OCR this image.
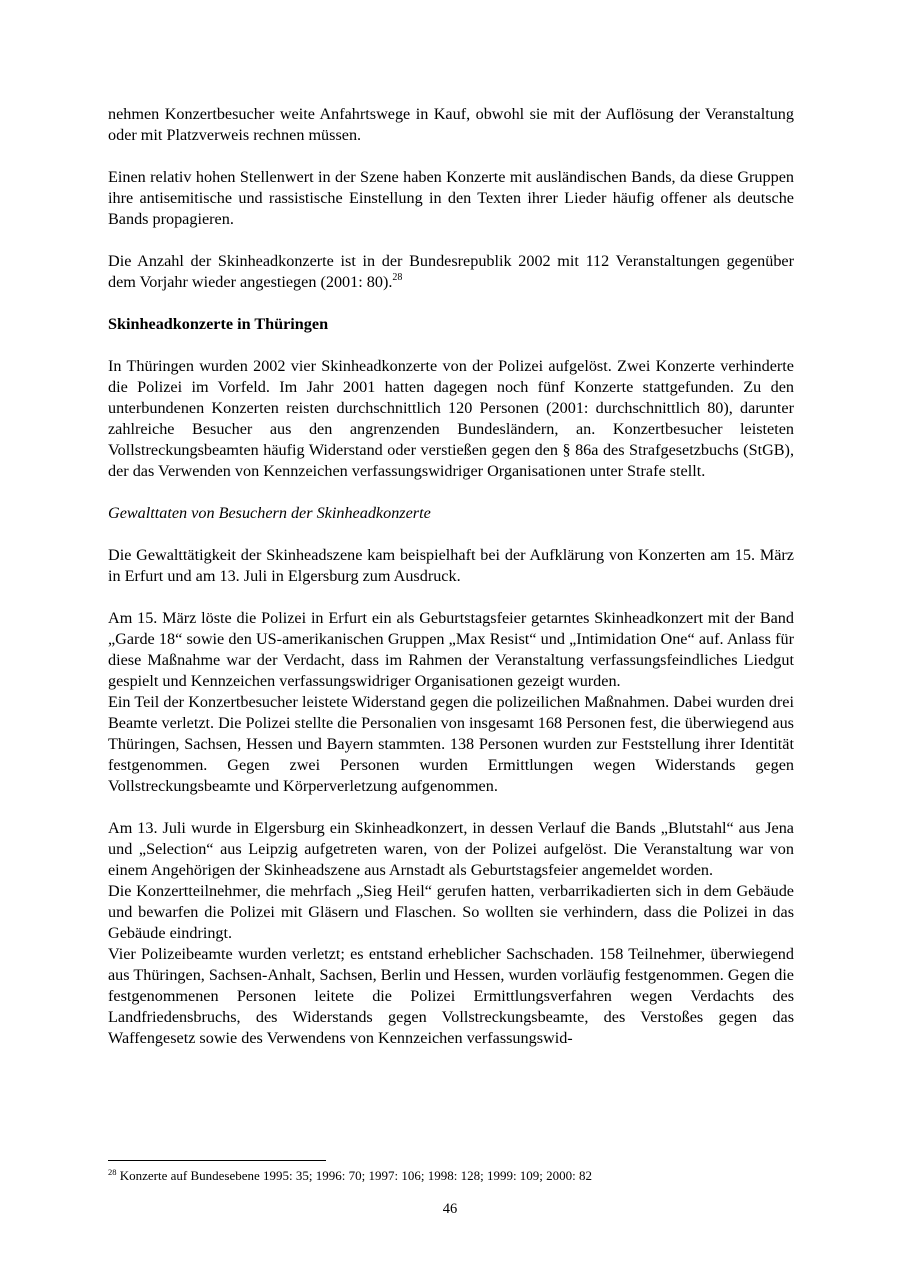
nehmen Konzertbesucher weite Anfahrtswege in Kauf, obwohl sie mit der Auflösung der Veranstaltung oder mit Platzverweis rechnen müssen.

Einen relativ hohen Stellenwert in der Szene haben Konzerte mit ausländischen Bands, da diese Gruppen ihre antisemitische und rassistische Einstellung in den Texten ihrer Lieder häufig offener als deutsche Bands propagieren.

Die Anzahl der Skinheadkonzerte ist in der Bundesrepublik 2002 mit 112 Veranstaltungen gegenüber dem Vorjahr wieder angestiegen (2001: 80).$^{28}$

Skinheadkonzerte in Thüringen

In Thüringen wurden 2002 vier Skinheadkonzerte von der Polizei aufgelöst. Zwei Konzerte verhinderte die Polizei im Vorfeld. Im Jahr 2001 hatten dagegen noch fünf Konzerte stattgefunden. Zu den unterbundenen Konzerten reisten durchschnittlich 120 Personen (2001: durchschnittlich 80), darunter zahlreiche Besucher aus den angrenzenden Bundesländern, an. Konzertbesucher leisteten Vollstreckungsbeamten häufig Widerstand oder verstießen gegen den § 86a des Strafgesetzbuchs (StGB), der das Verwenden von Kennzeichen verfassungswidriger Organisationen unter Strafe stellt.

Gewalttaten von Besuchern der Skinheadkonzerte

Die Gewalttätigkeit der Skinheadszene kam beispielhaft bei der Aufklärung von Konzerten am 15. März in Erfurt und am 13. Juli in Elgersburg zum Ausdruck.

Am 15. März löste die Polizei in Erfurt ein als Geburtstagsfeier getarntes Skinheadkonzert mit der Band „Garde 18“ sowie den US-amerikanischen Gruppen „Max Resist“ und „Intimidation One“ auf. Anlass für diese Maßnahme war der Verdacht, dass im Rahmen der Veranstaltung verfassungsfeindliches Liedgut gespielt und Kennzeichen verfassungswidriger Organisationen gezeigt wurden.

Ein Teil der Konzertbesucher leistete Widerstand gegen die polizeilichen Maßnahmen. Dabei wurden drei Beamte verletzt. Die Polizei stellte die Personalien von insgesamt 168 Personen fest, die überwiegend aus Thüringen, Sachsen, Hessen und Bayern stammten. 138 Personen wurden zur Feststellung ihrer Identität festgenommen. Gegen zwei Personen wurden Ermittlungen wegen Widerstands gegen Vollstreckungsbeamte und Körperverletzung aufgenommen.

Am 13. Juli wurde in Elgersburg ein Skinheadkonzert, in dessen Verlauf die Bands „Blutstahl“ aus Jena und „Selection“ aus Leipzig aufgetreten waren, von der Polizei aufgelöst. Die Veranstaltung war von einem Angehörigen der Skinheadszene aus Arnstadt als Geburtstagsfeier angemeldet worden.

Die Konzertteilnehmer, die mehrfach „Sieg Heil“ gerufen hatten, verbarrikadierten sich in dem Gebäude und bewarfen die Polizei mit Gläsern und Flaschen. So wollten sie verhindern, dass die Polizei in das Gebäude eindringt.

Vier Polizeibeamte wurden verletzt; es entstand erheblicher Sachschaden. 158 Teilnehmer, überwiegend aus Thüringen, Sachsen-Anhalt, Sachsen, Berlin und Hessen, wurden vorläufig festgenommen. Gegen die festgenommenen Personen leitete die Polizei Ermittlungsverfahren wegen Verdachts des Landfriedensbruchs, des Widerstands gegen Vollstreckungsbeamte, des Verstoßes gegen das Waffengesetz sowie des Verwendens von Kennzeichen verfassungswid-

$^{28}$ Konzerte auf Bundesebene 1995: 35; 1996: 70; 1997: 106; 1998: 128; 1999: 109; 2000: 82
46
